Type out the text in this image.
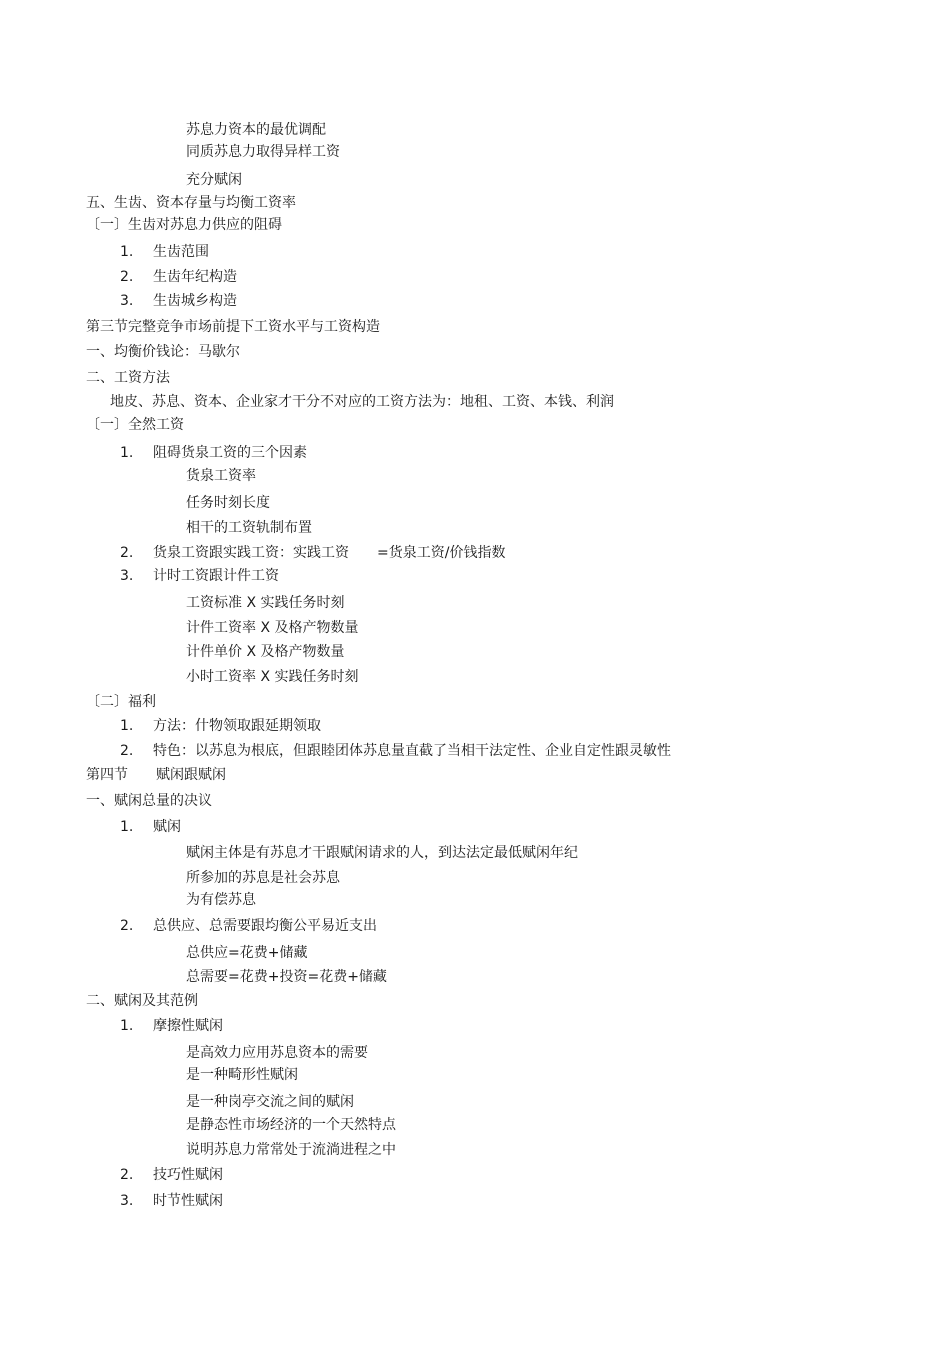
苏息力资本的最优调配
同质苏息力取得异样工资
充分赋闲
五、生齿、资本存量与均衡工资率
〔一〕生齿对苏息力供应的阻碍
1. 生齿范围
2. 生齿年纪构造
3. 生齿城乡构造
第三节完整竞争市场前提下工资水平与工资构造
一、均衡价钱论：马歇尔
二、工资方法
地皮、苏息、资本、企业家才干分不对应的工资方法为：地租、工资、本钱、利润
〔一〕全然工资
1. 阻碍货泉工资的三个因素
货泉工资率
任务时刻长度
相干的工资轨制布置
2. 货泉工资跟实践工资：实践工资　　=货泉工资/价钱指数
3. 计时工资跟计件工资
工资标准 X 实践任务时刻
计件工资率 X 及格产物数量
计件单价 X 及格产物数量
小时工资率 X 实践任务时刻
〔二〕福利
1. 方法：什物领取跟延期领取
2. 特色：以苏息为根底，但跟睦团体苏息量直截了当相干法定性、企业自定性跟灵敏性
第四节　　赋闲跟赋闲
一、赋闲总量的决议
1. 赋闲
赋闲主体是有苏息才干跟赋闲请求的人，到达法定最低赋闲年纪
所参加的苏息是社会苏息
为有偿苏息
2. 总供应、总需要跟均衡公平易近支出
总供应=花费+储藏
总需要=花费+投资=花费+储藏
二、赋闲及其范例
1. 摩擦性赋闲
是高效力应用苏息资本的需要
是一种畸形性赋闲
是一种岗亭交流之间的赋闲
是静态性市场经济的一个天然特点
说明苏息力常常处于流淌进程之中
2. 技巧性赋闲
3. 时节性赋闲
